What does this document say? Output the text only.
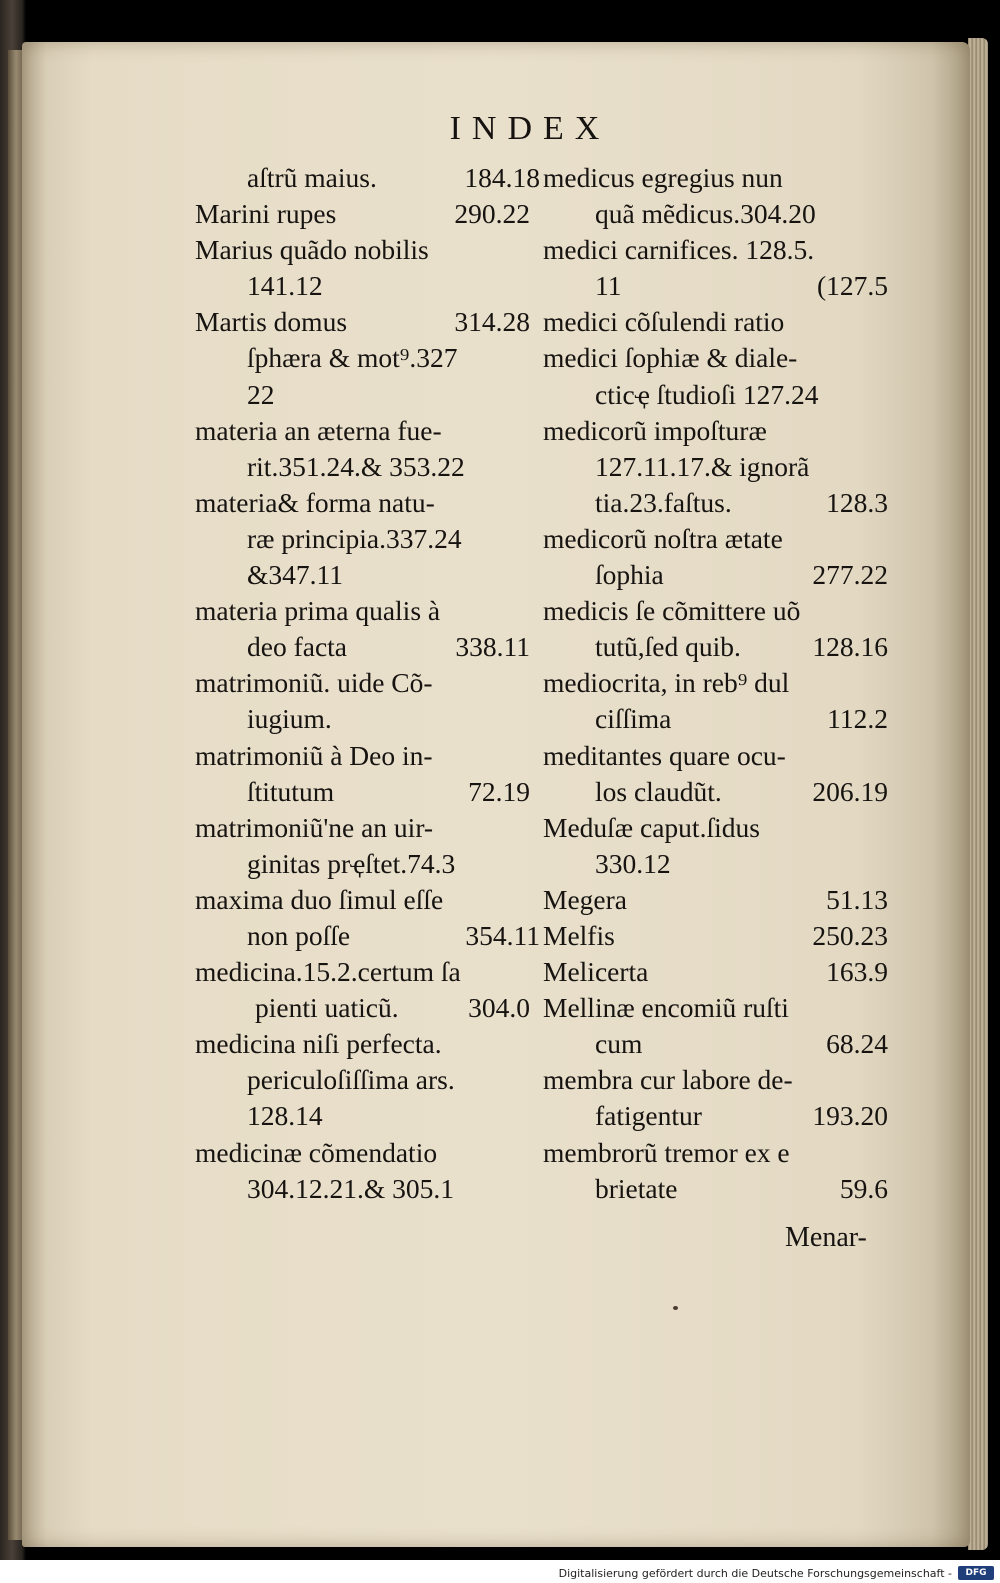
INDEX
aſtrũ maius.	184.18
Marini rupes	290.22
Marius quãdo nobilis
141.12
Martis domus	314.28
ſphæra & mot⁹.327
22
materia an æterna fue-
rit.351.24.& 353.22
materia& forma natu-
ræ principia.337.24
&347.11
materia prima qualis à
deo facta	338.11
matrimoniũ. uide Cõ-
iugium.
matrimoniũ à Deo in-
ſtitutum	72.19
matrimoniũ'ne an uir-
ginitas prҿſtet.74.3
maxima duo ſimul eſſe
non poſſe	354.11
medicina.15.2.certum ſa
pienti uaticũ.	304.0
medicina niſi perfecta.
periculoſiſſima ars.
128.14
medicinæ cõmendatio
304.12.21.& 305.1
medicus egregius nun
quã mẽdicus.304.20
medici carnifices. 128.5.
11	(127.5
medici cõſulendi ratio
medici ſophiæ & diale-
cticҿ ſtudioſi 127.24
medicorũ impoſturæ
127.11.17.& ignorã
tia.23.faſtus.	128.3
medicorũ noſtra ætate
ſophia	277.22
medicis ſe cõmittere uõ
tutũ,ſed quib.	128.16
mediocrita, in reb⁹ dul
ciſſima	112.2
meditantes quare ocu-
los claudũt.	206.19
Meduſæ caput.ſidus
330.12
Megera	51.13
Melfis	250.23
Melicerta	163.9
Mellinæ encomiũ ruſti
cum	68.24
membra cur labore de-
fatigentur	193.20
membrorũ tremor ex e
brietate	59.6
Menar-
Digitalisierung gefördert durch die Deutsche Forschungsgemeinschaft -	DFG
